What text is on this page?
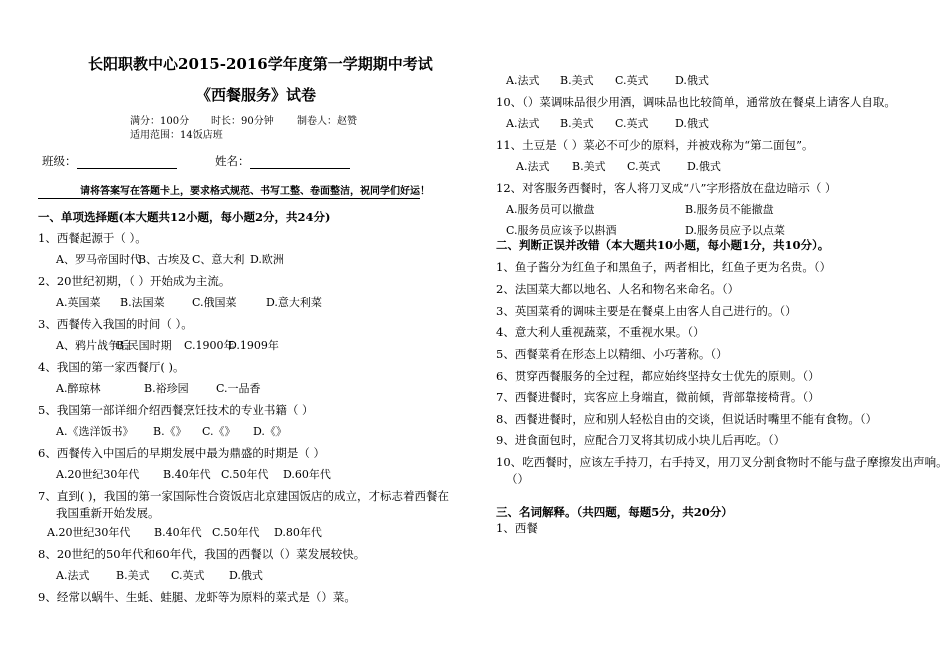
长阳职教中心2015-2016学年度第一学期期中考试
《西餐服务》试卷
满分：100分 时长：90分钟 制卷人：赵赞
适用范围：14饭店班
班级：	姓名：
请将答案写在答题卡上，要求格式规范、书写工整、卷面整洁，祝同学们好运！
一、单项选择题(本大题共12小题，每小题2分，共24分)
1、西餐起源于（ ）。
A、罗马帝国时代B、古埃及 C、意大利 D.欧洲
2、20世纪初期，（ ）开始成为主流。
A.英国菜 B.法国菜 C.俄国菜	D.意大利菜
3、西餐传入我国的时间（ ）。
A、鸦片战争后B.民国时期 C.1900年D.1909年
4、我国的第一家西餐厅( )。
A.醉琼林	B.裕珍园 C.一品香
5、我国第一部详细介绍西餐烹饪技术的专业书籍（ ）
A.《选洋饭书》 B.《》 C.《》 D.《》
6、西餐传入中国后的早期发展中最为鼎盛的时期是（ ）
A.20世纪30年代 B.40年代 C.50年代 D.60年代
7、直到( )，我国的第一家国际性合资饭店北京建国饭店的成立，才标志着西餐在
我国重新开始发展。
A.20世纪30年代 B.40年代 C.50年代 D.80年代
8、20世纪的50年代和60年代，我国的西餐以（）菜发展较快。
A.法式 B.美式 C.英式 D.俄式
9、经常以蜗牛、生蚝、蛙腿、龙虾等为原料的菜式是（）菜。
A.法式 B.美式 C.英式 D.俄式
10、（）菜调味品很少用酒，调味品也比较简单，通常放在餐桌上请客人自取。
A.法式 B.美式 C.英式 D.俄式
11、土豆是（ ）菜必不可少的原料，并被戏称为“第二面包”。
A.法式 B.美式 C.英式 D.俄式
12、对客服务西餐时，客人将刀叉成“八”字形搭放在盘边暗示（ ）
A.服务员可以撤盘	B.服务员不能撤盘
C.服务员应该予以斟酒	D.服务员应予以点菜
二、判断正误并改错（本大题共10小题，每小题1分，共10分）。
1、鱼子酱分为红鱼子和黑鱼子，两者相比，红鱼子更为名贵。（）
2、法国菜大都以地名、人名和物名来命名。（）
3、英国菜肴的调味主要是在餐桌上由客人自己进行的。（）
4、意大利人重视蔬菜，不重视水果。（）
5、西餐菜肴在形态上以精细、小巧著称。（）
6、贯穿西餐服务的全过程，都应始终坚持女士优先的原则。（）
7、西餐进餐时，宾客应上身端直，微前倾，背部靠接椅背。（）
8、西餐进餐时，应和别人轻松自由的交谈，但说话时嘴里不能有食物。（）
9、进食面包时，应配合刀叉将其切成小块儿后再吃。（）
10、吃西餐时，应该左手持刀，右手持叉，用刀叉分割食物时不能与盘子摩擦发出声响。
（）
三、名词解释。（共四题，每题5分，共20分）
1、西餐
